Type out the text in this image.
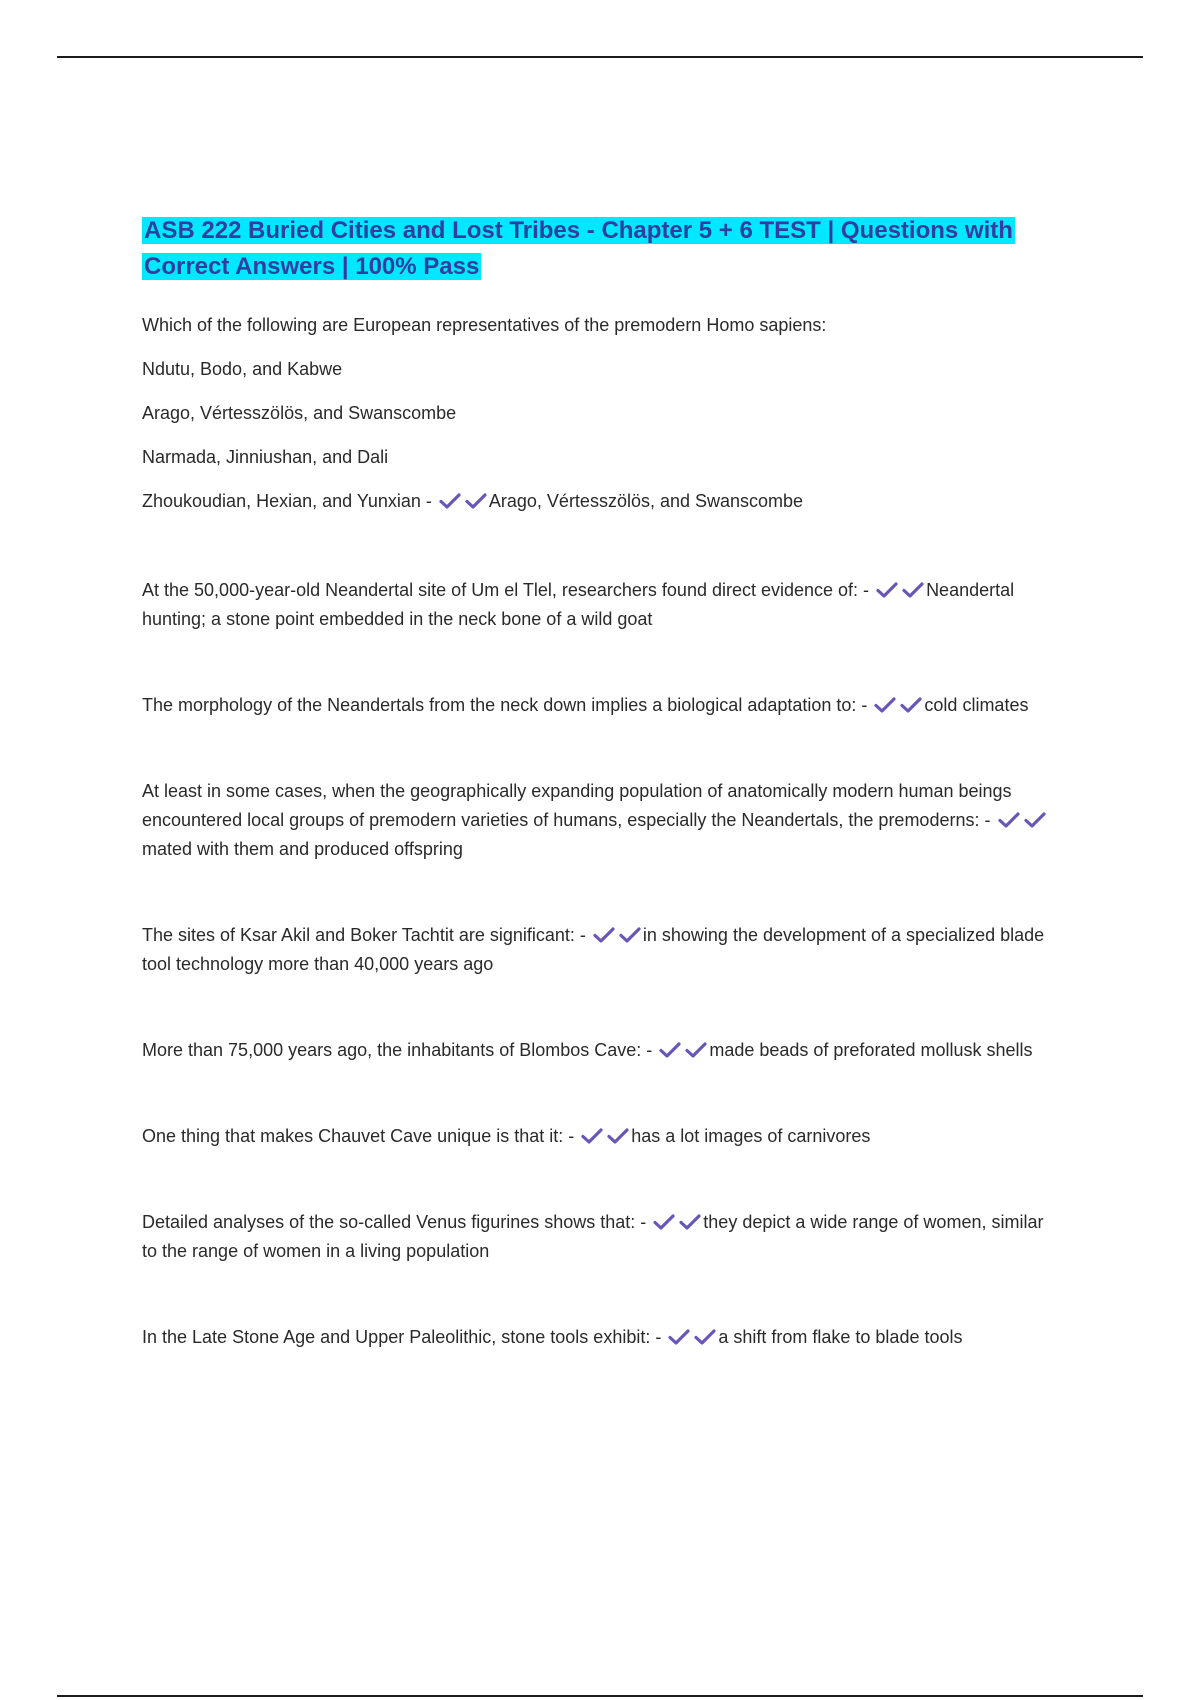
ASB 222 Buried Cities and Lost Tribes - Chapter 5 + 6 TEST | Questions with
Correct Answers | 100% Pass

Which of the following are European representatives of the premodern Homo sapiens:

Ndutu, Bodo, and Kabwe

Arago, Vértesszölös, and Swanscombe

Narmada, Jinniushan, and Dali

Zhoukoudian, Hexian, and Yunxian -	Arago, Vértesszölös, and Swanscombe

At the 50,000-year-old Neandertal site of Um el Tlel, researchers found direct evidence of: -	Neandertal hunting; a stone point embedded in the neck bone of a wild goat

The morphology of the Neandertals from the neck down implies a biological adaptation to: -	cold climates

At least in some cases, when the geographically expanding population of anatomically modern human beings encountered local groups of premodern varieties of humans, especially the Neandertals, the premoderns: -
mated with them and produced offspring

The sites of Ksar Akil and Boker Tachtit are significant: -	in showing the development of a specialized blade tool technology more than 40,000 years ago

More than 75,000 years ago, the inhabitants of Blombos Cave: -	made beads of preforated mollusk shells

One thing that makes Chauvet Cave unique is that it: -	has a lot images of carnivores

Detailed analyses of the so-called Venus figurines shows that: -	they depict a wide range of women, similar to the range of women in a living population

In the Late Stone Age and Upper Paleolithic, stone tools exhibit: -	a shift from flake to blade tools
